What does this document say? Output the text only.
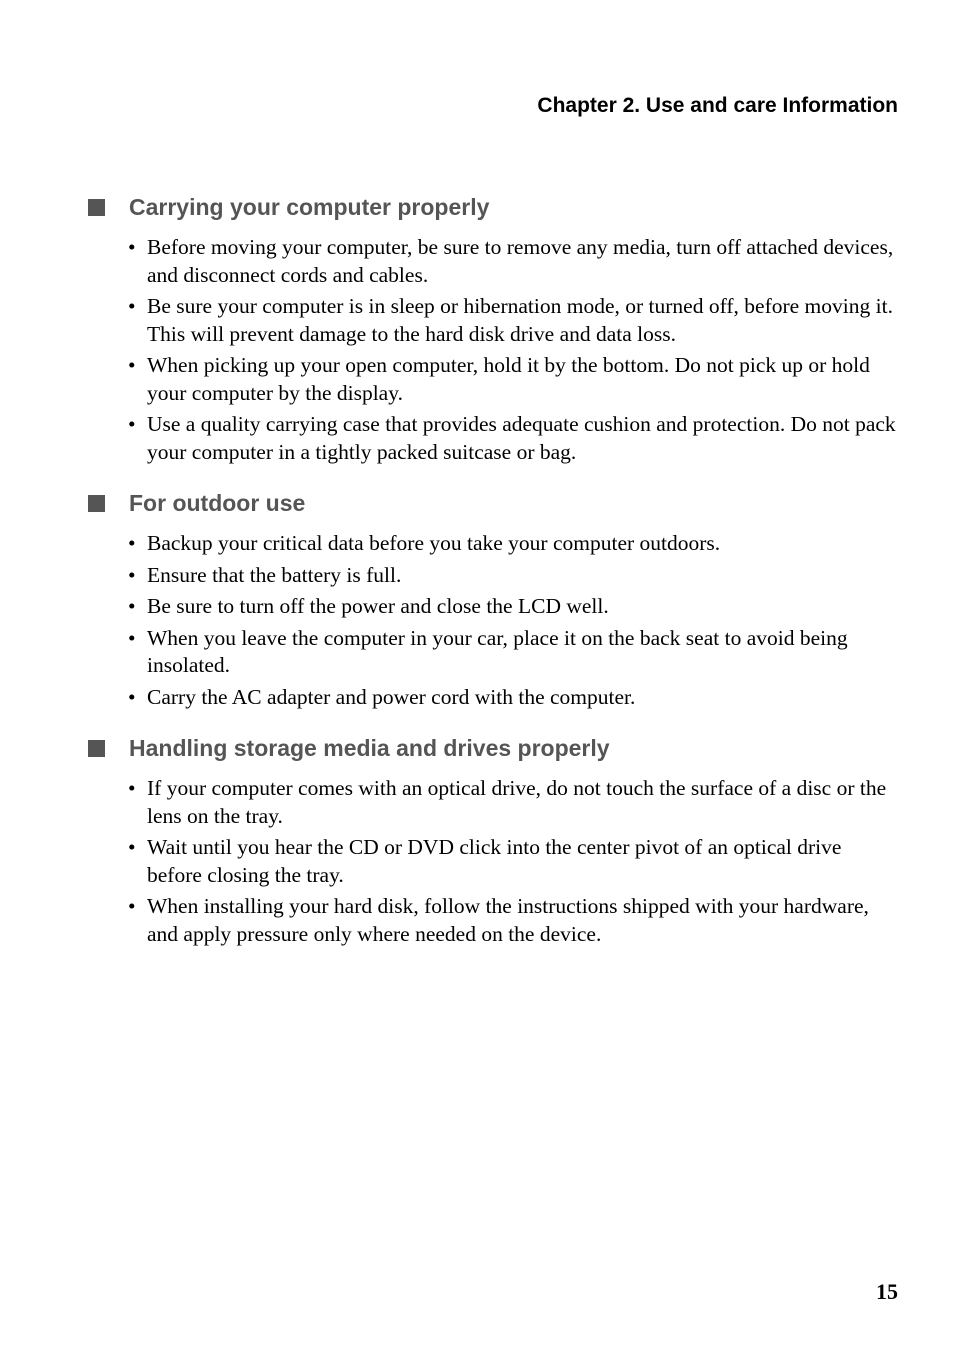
Chapter 2. Use and care Information
Carrying your computer properly
• Before moving your computer, be sure to remove any media, turn off attached devices, and disconnect cords and cables.
• Be sure your computer is in sleep or hibernation mode, or turned off, before moving it. This will prevent damage to the hard disk drive and data loss.
• When picking up your open computer, hold it by the bottom. Do not pick up or hold your computer by the display.
• Use a quality carrying case that provides adequate cushion and protection. Do not pack your computer in a tightly packed suitcase or bag.
For outdoor use
• Backup your critical data before you take your computer outdoors.
• Ensure that the battery is full.
• Be sure to turn off the power and close the LCD well.
• When you leave the computer in your car, place it on the back seat to avoid being insolated.
• Carry the AC adapter and power cord with the computer.
Handling storage media and drives properly
• If your computer comes with an optical drive, do not touch the surface of a disc or the lens on the tray.
• Wait until you hear the CD or DVD click into the center pivot of an optical drive before closing the tray.
• When installing your hard disk, follow the instructions shipped with your hardware, and apply pressure only where needed on the device.
15
